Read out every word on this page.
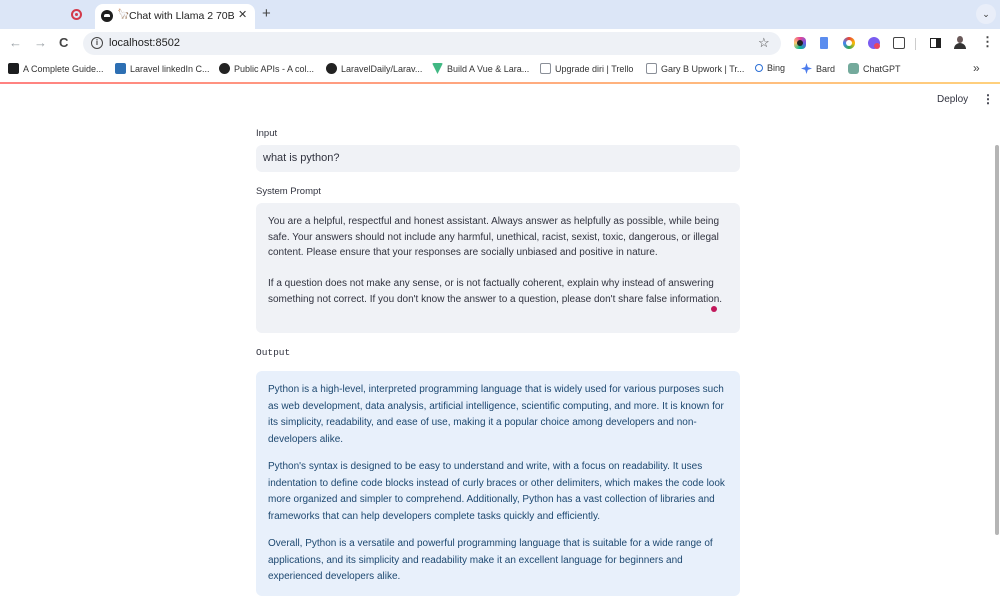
🦙 Chat with Llama 2 70B ✕ +	⌄
← → C	i localhost:8502	☆	⋮
A Complete Guide...	Laravel linkedIn C...	Public APIs - A col...	LaravelDaily/Larav...	Build A Vue & Lara...	Upgrade diri | Trello	Gary B Upwork | Tr...	Bing	Bard	ChatGPT	»
Deploy ⋮
Input
what is python?
System Prompt

You are a helpful, respectful and honest assistant. Always answer as helpfully as possible, while being safe. Your answers should not include any harmful, unethical, racist, sexist, toxic, dangerous, or illegal content. Please ensure that your responses are socially unbiased and positive in nature.

If a question does not make any sense, or is not factually coherent, explain why instead of answering something not correct. If you don't know the answer to a question, please don't share false information.

Output

Python is a high-level, interpreted programming language that is widely used for various purposes such as web development, data analysis, artificial intelligence, scientific computing, and more. It is known for its simplicity, readability, and ease of use, making it a popular choice among developers and non-developers alike.

Python's syntax is designed to be easy to understand and write, with a focus on readability. It uses indentation to define code blocks instead of curly braces or other delimiters, which makes the code look more organized and simpler to comprehend. Additionally, Python has a vast collection of libraries and frameworks that can help developers complete tasks quickly and efficiently.

Overall, Python is a versatile and powerful programming language that is suitable for a wide range of applications, and its simplicity and readability make it an excellent language for beginners and experienced developers alike.
